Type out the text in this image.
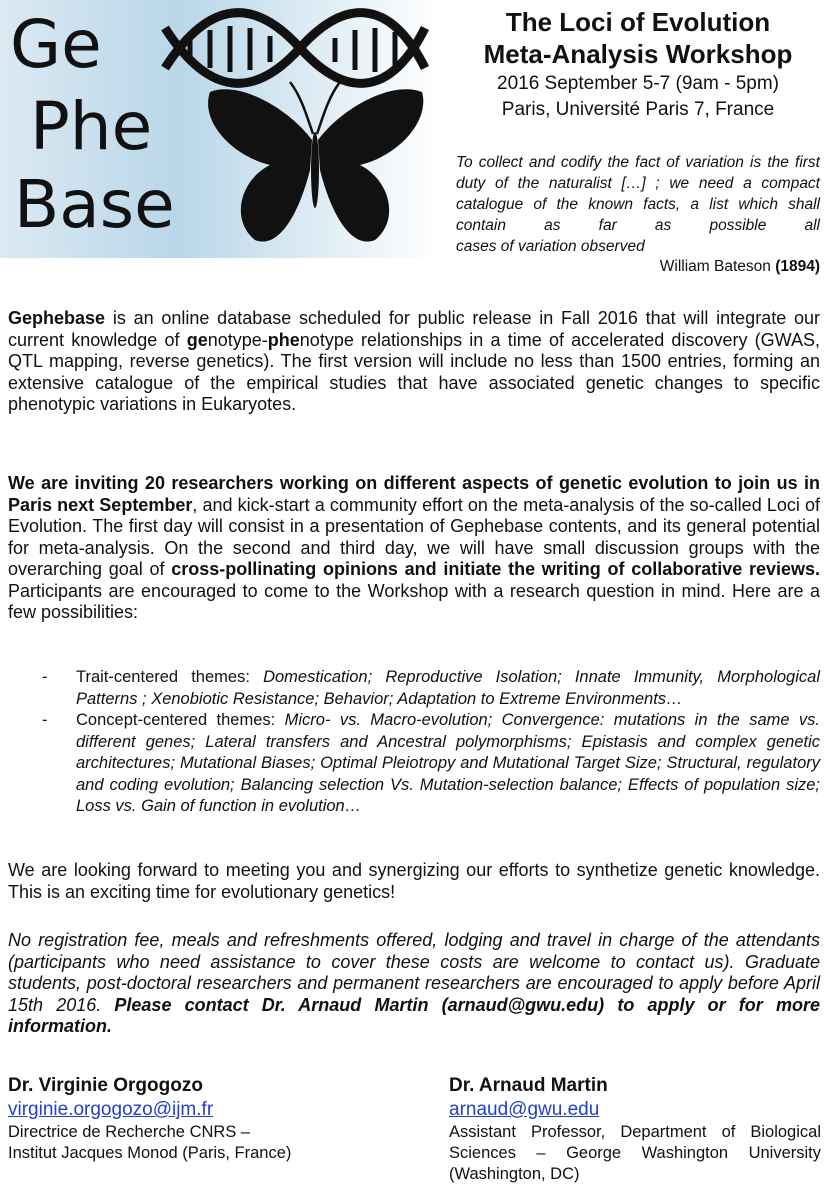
Ge
Phe
Base
The Loci of Evolution
Meta-Analysis Workshop
2016 September 5-7 (9am - 5pm)
Paris, Université Paris 7, France
To collect and codify the fact of variation is the first duty of the naturalist […] ; we need a compact catalogue of the known facts, a list which shall contain as far as possible all
cases of variation observed
William Bateson (1894)
Gephebase is an online database scheduled for public release in Fall 2016 that will integrate our current knowledge of genotype-phenotype relationships in a time of accelerated discovery (GWAS, QTL mapping, reverse genetics). The first version will include no less than 1500 entries, forming an extensive catalogue of the empirical studies that have associated genetic changes to specific phenotypic variations in Eukaryotes.
We are inviting 20 researchers working on different aspects of genetic evolution to join us in Paris next September, and kick-start a community effort on the meta-analysis of the so-called Loci of Evolution. The first day will consist in a presentation of Gephebase contents, and its general potential for meta-analysis. On the second and third day, we will have small discussion groups with the overarching goal of cross-pollinating opinions and initiate the writing of collaborative reviews. Participants are encouraged to come to the Workshop with a research question in mind. Here are a few possibilities:
- Trait-centered themes: Domestication; Reproductive Isolation; Innate Immunity, Morphological Patterns ; Xenobiotic Resistance; Behavior; Adaptation to Extreme Environments…
- Concept-centered themes: Micro- vs. Macro-evolution; Convergence: mutations in the same vs. different genes; Lateral transfers and Ancestral polymorphisms; Epistasis and complex genetic architectures; Mutational Biases; Optimal Pleiotropy and Mutational Target Size; Structural, regulatory and coding evolution; Balancing selection Vs. Mutation-selection balance; Effects of population size; Loss vs. Gain of function in evolution…
We are looking forward to meeting you and synergizing our efforts to synthetize genetic knowledge. This is an exciting time for evolutionary genetics!
No registration fee, meals and refreshments offered, lodging and travel in charge of the attendants (participants who need assistance to cover these costs are welcome to contact us). Graduate students, post-doctoral researchers and permanent researchers are encouraged to apply before April 15th 2016. Please contact Dr. Arnaud Martin (arnaud@gwu.edu) to apply or for more information.
Dr. Virginie Orgogozo
virginie.orgogozo@ijm.fr
Directrice de Recherche CNRS –
Institut Jacques Monod (Paris, France)
Dr. Arnaud Martin
arnaud@gwu.edu
Assistant Professor, Department of Biological Sciences – George Washington University (Washington, DC)
